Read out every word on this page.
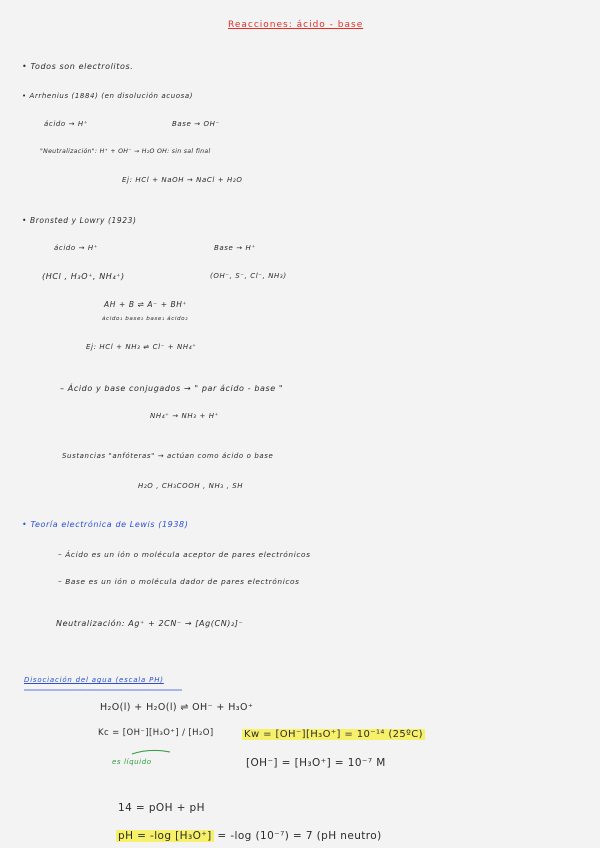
Reacciones: ácido - base
• Todos son electrolitos.
• Arrhenius (1884) (en disolución acuosa)
ácido → H⁺	Base → OH⁻
"Neutralización": H⁺ + OH⁻ → H₂O OH: sin sal final
Ej: HCl + NaOH → NaCl + H₂O
• Bronsted y Lowry (1923)
ácido → H⁺	Base → H⁺
(HCl , H₃O⁺, NH₄⁺)	(OH⁻, S⁻, Cl⁻, NH₃)
AH + B ⇌ A⁻ + BH⁺
ácido₁ base₂ base₁ ácido₂
Ej: HCl + NH₃ ⇌ Cl⁻ + NH₄⁺
– Ácido y base conjugados → " par ácido - base "
NH₄⁺ → NH₃ + H⁺
Sustancias "anfóteras" → actúan como ácido o base
H₂O , CH₃COOH , NH₃ , SH
• Teoría electrónica de Lewis (1938)
– Ácido es un ión o molécula aceptor de pares electrónicos
– Base es un ión o molécula dador de pares electrónicos
Neutralización: Ag⁺ + 2CN⁻ → [Ag(CN)₂]⁻
Disociación del agua (escala PH)
H₂O(l) + H₂O(l) ⇌ OH⁻ + H₃O⁺
Kc = [OH⁻][H₃O⁺] / [H₂O]	Kw = [OH⁻][H₃O⁺] = 10⁻¹⁴ (25ºC)
es líquido	[OH⁻] = [H₃O⁺] = 10⁻⁷ M
14 = pOH + pH
pH = -log [H₃O⁺] = -log (10⁻⁷) = 7 (pH neutro)
